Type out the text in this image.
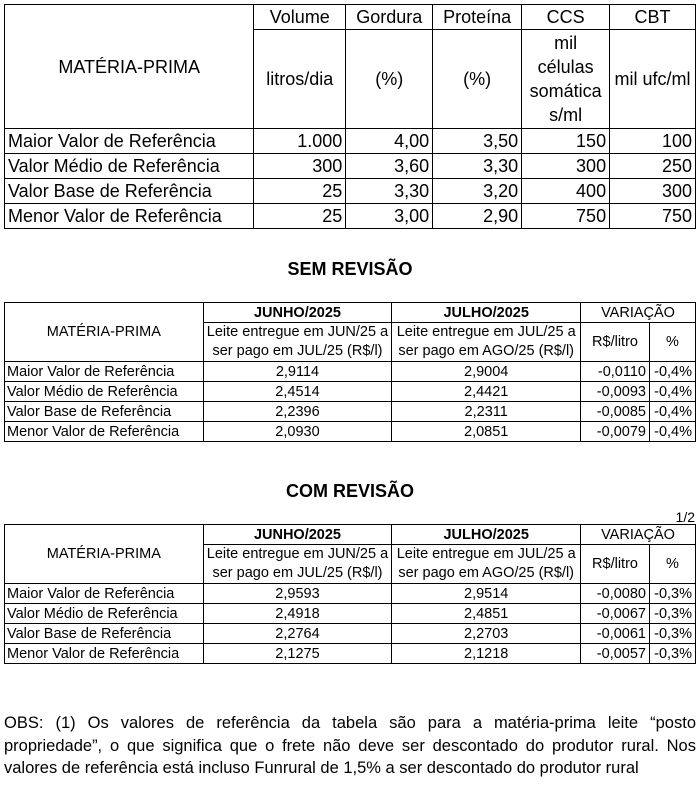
MATÉRIA-PRIMA	Volume	Gordura	Proteína	CCS	CBT
	litros/dia	(%)	(%)	mil células somática s/ml	mil ufc/ml
Maior Valor de Referência	1.000	4,00	3,50	150	100
Valor Médio de Referência	300	3,60	3,30	300	250
Valor Base de Referência	25	3,30	3,20	400	300
Menor Valor de Referência	25	3,00	2,90	750	750
SEM REVISÃO
MATÉRIA-PRIMA	JUNHO/2025	JULHO/2025	VARIAÇÃO	
	Leite entregue em JUN/25 a ser pago em JUL/25 (R$/l)	Leite entregue em JUL/25 a ser pago em AGO/25 (R$/l)	R$/litro	%
Maior Valor de Referência	2,9114	2,9004	-0,0110	-0,4%
Valor Médio de Referência	2,4514	2,4421	-0,0093	-0,4%
Valor Base de Referência	2,2396	2,2311	-0,0085	-0,4%
Menor Valor de Referência	2,0930	2,0851	-0,0079	-0,4%
COM REVISÃO
1/2
MATÉRIA-PRIMA	JUNHO/2025	JULHO/2025	VARIAÇÃO	
	Leite entregue em JUN/25 a ser pago em JUL/25 (R$/l)	Leite entregue em JUL/25 a ser pago em AGO/25 (R$/l)	R$/litro	%
Maior Valor de Referência	2,9593	2,9514	-0,0080	-0,3%
Valor Médio de Referência	2,4918	2,4851	-0,0067	-0,3%
Valor Base de Referência	2,2764	2,2703	-0,0061	-0,3%
Menor Valor de Referência	2,1275	2,1218	-0,0057	-0,3%
OBS: (1) Os valores de referência da tabela são para a matéria-prima leite “posto propriedade”, o que significa que o frete não deve ser descontado do produtor rural. Nos valores de referência está incluso Funrural de 1,5% a ser descontado do produtor rural
